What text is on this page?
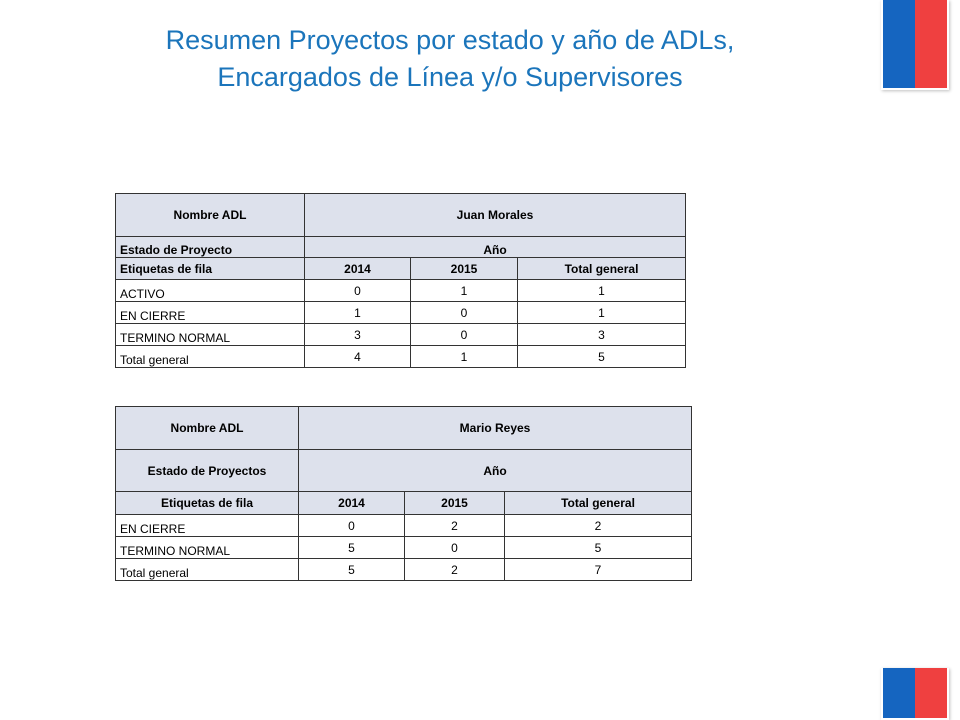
Resumen Proyectos por estado y año de ADLs,
Encargados de Línea y/o Supervisores
Nombre ADL	Juan Morales		
Estado de Proyecto	Año		
Etiquetas de fila	2014	2015	Total general
ACTIVO	0	1	1
EN CIERRE	1	0	1
TERMINO NORMAL	3	0	3
Total general	4	1	5
Nombre ADL	Mario Reyes		
Estado de Proyectos	Año		
Etiquetas de fila	2014	2015	Total general
EN CIERRE	0	2	2
TERMINO NORMAL	5	0	5
Total general	5	2	7
